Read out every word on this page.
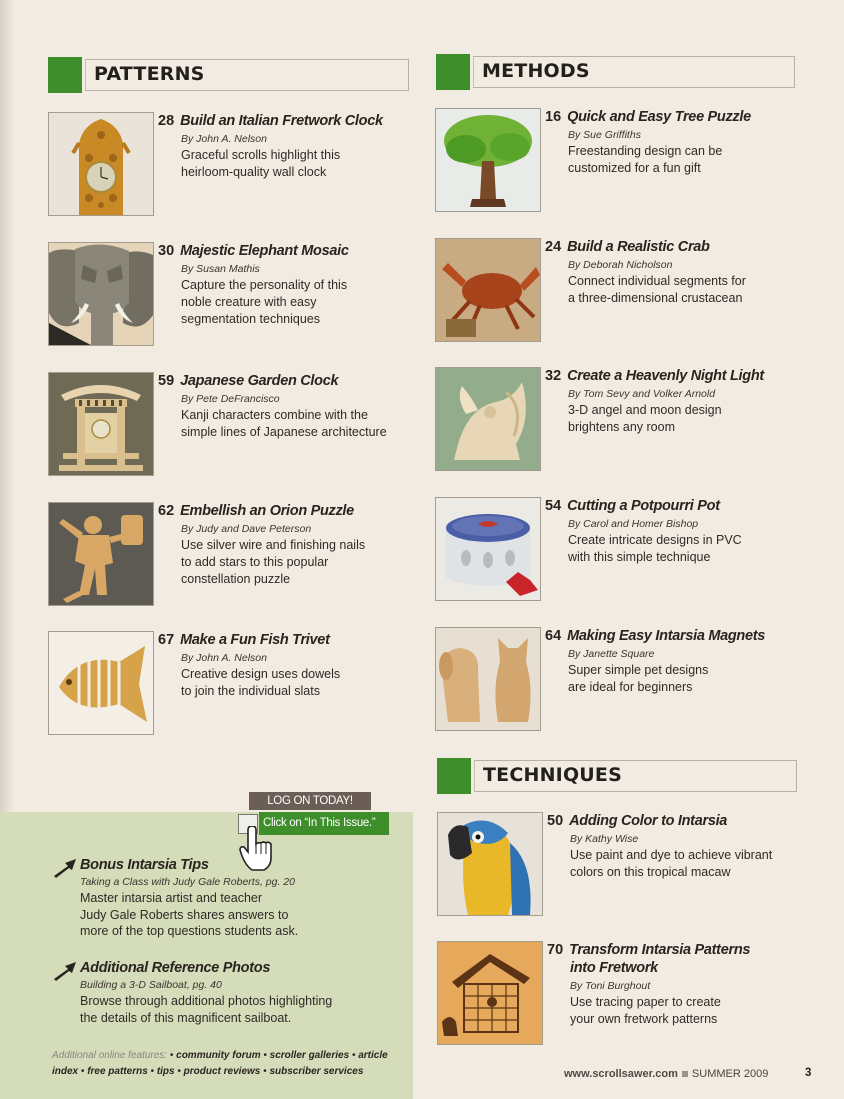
PATTERNS	METHODS
TECHNIQUES
28 Build an Italian Fretwork Clock
By John A. Nelson
Graceful scrolls highlight this
heirloom-quality wall clock
30 Majestic Elephant Mosaic
By Susan Mathis
Capture the personality of this
noble creature with easy
segmentation techniques
59 Japanese Garden Clock
By Pete DeFrancisco
Kanji characters combine with the
simple lines of Japanese architecture
62 Embellish an Orion Puzzle
By Judy and Dave Peterson
Use silver wire and finishing nails
to add stars to this popular
constellation puzzle
67 Make a Fun Fish Trivet
By John A. Nelson
Creative design uses dowels
to join the individual slats
16 Quick and Easy Tree Puzzle
By Sue Griffiths
Freestanding design can be
customized for a fun gift
24 Build a Realistic Crab
By Deborah Nicholson
Connect individual segments for
a three-dimensional crustacean
32 Create a Heavenly Night Light
By Tom Sevy and Volker Arnold
3-D angel and moon design
brightens any room
54 Cutting a Potpourri Pot
By Carol and Homer Bishop
Create intricate designs in PVC
with this simple technique
64 Making Easy Intarsia Magnets
By Janette Square
Super simple pet designs
are ideal for beginners
50 Adding Color to Intarsia
By Kathy Wise
Use paint and dye to achieve vibrant
colors on this tropical macaw
70 Transform Intarsia Patterns
into Fretwork
By Toni Burghout
Use tracing paper to create
your own fretwork patterns
LOG ON TODAY!
Click on “In This Issue.”
Bonus Intarsia Tips
Taking a Class with Judy Gale Roberts, pg. 20
Master intarsia artist and teacher
Judy Gale Roberts shares answers to
more of the top questions students ask.
Additional Reference Photos
Building a 3-D Sailboat, pg. 40
Browse through additional photos highlighting
the details of this magnificent sailboat.
Additional online features: • community forum • scroller galleries • article index • free patterns • tips • product reviews • subscriber services	www.scrollsawer.com SUMMER 2009	3
